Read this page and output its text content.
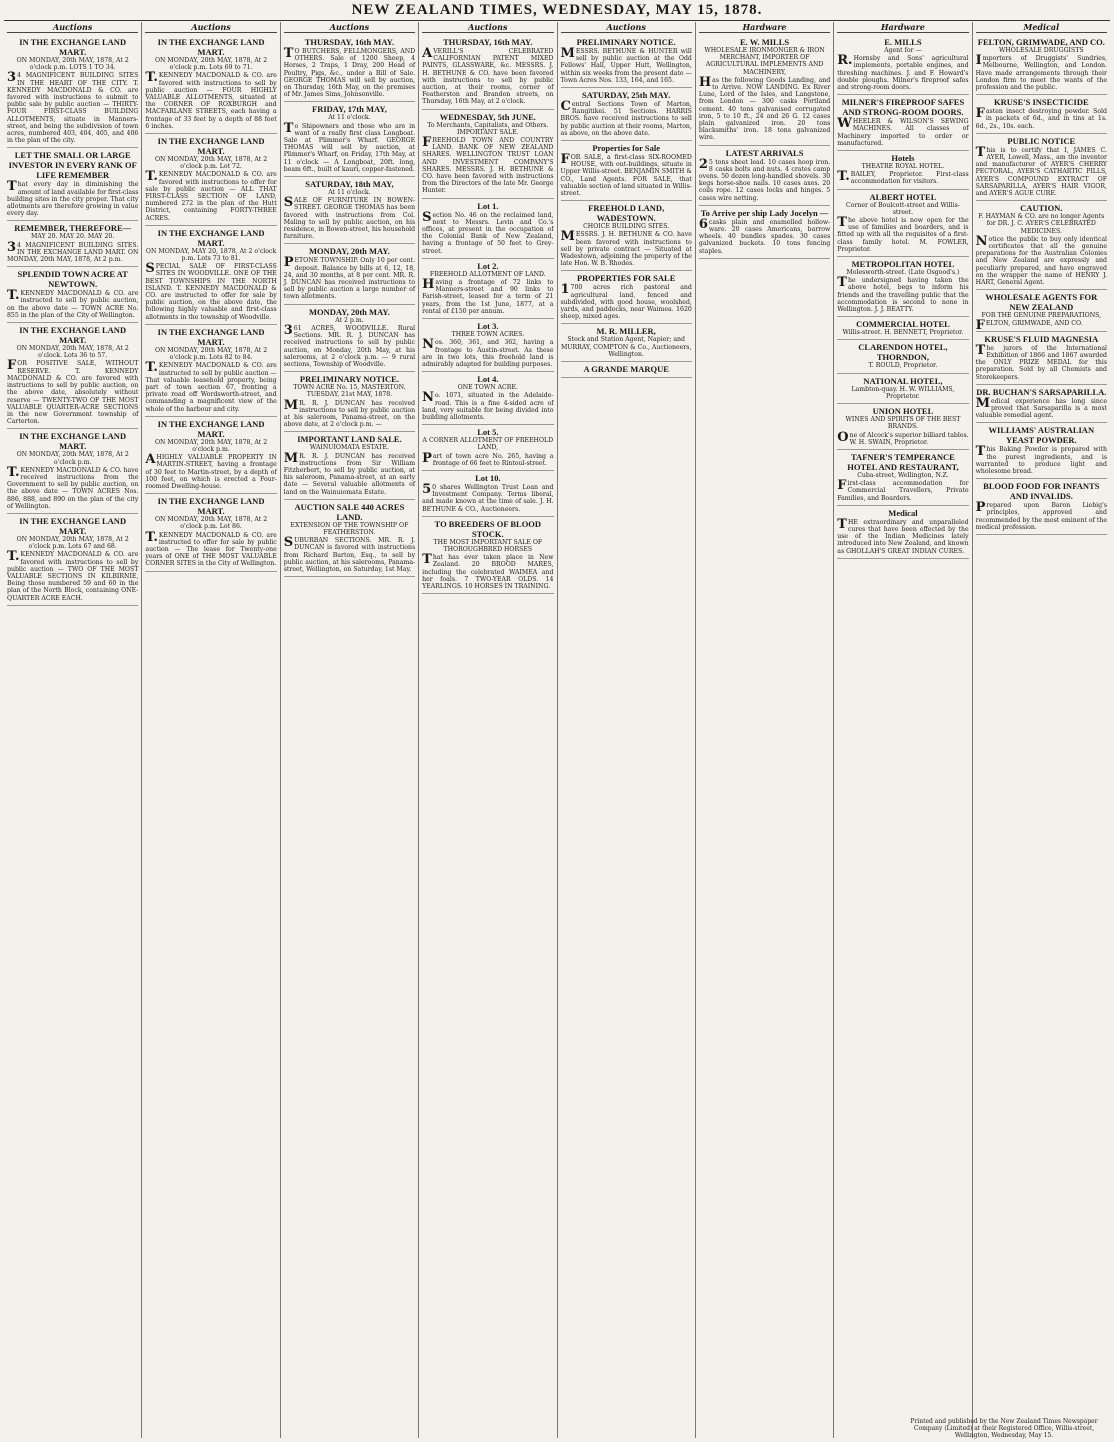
NEW ZEALAND TIMES, WEDNESDAY, MAY 15, 1878.
Auctions
IN THE EXCHANGE LAND MART.
ON MONDAY, 20th MAY, 1878, At 2 o'clock p.m. LOTS 1 TO 34.
34 MAGNIFICENT BUILDING SITES IN THE HEART OF THE CITY. T. KENNEDY MACDONALD & CO. are favored with instructions to submit to public sale by public auction — THIRTY-FOUR FIRST-CLASS BUILDING ALLOTMENTS, situate in Manners-street, and being the subdivision of town acres, numbered 403, 404, 405, and 406 in the plan of the city.
LET THE SMALL OR LARGE INVESTOR IN EVERY RANK OF LIFE REMEMBER
That every day in diminishing the amount of land available for first-class building sites in the city proper. That city allotments are therefore growing in value every day.
REMEMBER, THEREFORE—
MAY 20. MAY 20. MAY 20.
34 MAGNIFICENT BUILDING SITES. IN THE EXCHANGE LAND MART. ON MONDAY, 20th MAY, 1878, At 2 p.m.
SPLENDID TOWN ACRE AT NEWTOWN.
T.KENNEDY MACDONALD & CO. are instructed to sell by public auction, on the above date — TOWN ACRE No. 855 in the plan of the City of Wellington.
IN THE EXCHANGE LAND MART.
ON MONDAY, 20th MAY, 1878, At 2 o'clock. Lots 36 to 57.
FOR POSITIVE SALE, WITHOUT RESERVE. T. KENNEDY MACDONALD & CO. are favored with instructions to sell by public auction, on the above date, absolutely without reserve — TWENTY-TWO OF THE MOST VALUABLE QUARTER-ACRE SECTIONS in the new Government township of Carterton.
IN THE EXCHANGE LAND MART.
ON MONDAY, 20th MAY, 1878, At 2 o'clock p.m.
T.KENNEDY MACDONALD & CO. have received instructions from the Government to sell by public auction, on the above date — TOWN ACRES Nos. 886, 888, and 890 on the plan of the city of Wellington.
IN THE EXCHANGE LAND MART.
ON MONDAY, 20th MAY, 1878, At 2 o'clock p.m. Lots 67 and 68.
T.KENNEDY MACDONALD & CO. are favored with instructions to sell by public auction — TWO OF THE MOST VALUABLE SECTIONS IN KILBIRNIE, Being those numbered 59 and 60 in the plan of the North Block, containing ONE-QUARTER ACRE EACH.
Auctions
IN THE EXCHANGE LAND MART.
ON MONDAY, 20th MAY, 1878, At 2 o'clock p.m. Lots 69 to 71.
T.KENNEDY MACDONALD & CO. are favored with instructions to sell by public auction — FOUR HIGHLY VALUABLE ALLOTMENTS, situated at the CORNER OF ROXBURGH and MACFARLANE STREETS, each having a frontage of 33 feet by a depth of 88 feet 6 inches.
IN THE EXCHANGE LAND MART.
ON MONDAY, 20th MAY, 1878, At 2 o'clock p.m. Lot 72.
T.KENNEDY MACDONALD & CO. are favored with instructions to offer for sale by public auction — ALL THAT FIRST-CLASS SECTION OF LAND, numbered 272 in the plan of the Hutt District, containing FORTY-THREE ACRES.
IN THE EXCHANGE LAND MART.
ON MONDAY, MAY 20, 1878, At 2 o'clock p.m. Lots 73 to 81.
SPECIAL SALE OF FIRST-CLASS SITES IN WOODVILLE. ONE OF THE BEST TOWNSHIPS IN THE NORTH ISLAND. T. KENNEDY MACDONALD & CO. are instructed to offer for sale by public auction, on the above date, the following highly valuable and first-class allotments in the township of Woodville.
IN THE EXCHANGE LAND MART.
ON MONDAY, 20th MAY, 1878, At 2 o'clock p.m. Lots 82 to 84.
T.KENNEDY MACDONALD & CO. are instructed to sell by public auction — That valuable leasehold property, being part of town section 67, fronting a private road off Wordsworth-street, and commanding a magnificent view of the whole of the harbour and city.
IN THE EXCHANGE LAND MART.
ON MONDAY, 20th MAY, 1878, At 2 o'clock p.m.
AHIGHLY VALUABLE PROPERTY IN MARTIN-STREET, having a frontage of 30 feet to Martin-street, by a depth of 100 feet, on which is erected a Four-roomed Dwelling-house.
IN THE EXCHANGE LAND MART.
ON MONDAY, 20th MAY, 1878, At 2 o'clock p.m. Lot 86.
T.KENNEDY MACDONALD & CO. are instructed to offer for sale by public auction — The lease for Twenty-one years of ONE of THE MOST VALUABLE CORNER SITES in the City of Wellington.
Auctions
THURSDAY, 16th MAY.
TO BUTCHERS, FELLMONGERS, AND OTHERS. Sale of 1200 Sheep, 4 Horses, 2 Traps, 1 Dray, 200 Head of Poultry, Pigs, &c., under a Bill of Sale. GEORGE THOMAS will sell by auction, on Thursday, 16th May, on the premises of Mr. James Sims, Johnsonville.
FRIDAY, 17th MAY,
At 11 o'clock.
To Shipowners and those who are in want of a really first class Longboat. Sale at Plimmer's Wharf. GEORGE THOMAS will sell by auction, at Plimmer's Wharf, on Friday, 17th May, at 11 o'clock — A Longboat, 20ft. long, beam 6ft., built of kauri, copper-fastened.
SATURDAY, 18th MAY,
At 11 o'clock.
SALE OF FURNITURE IN BOWEN-STREET. GEORGE THOMAS has been favored with instructions from Col. Maling to sell by public auction, on his residence, in Bowen-street, his household furniture.
MONDAY, 20th MAY.
PETONE TOWNSHIP. Only 10 per cent. deposit. Balance by bills at 6, 12, 18, 24, and 30 months, at 8 per cent. MR. R. J. DUNCAN has received instructions to sell by public auction a large number of town allotments.
MONDAY, 20th MAY.
At 2 p.m.
361 ACRES, WOODVILLE. Rural Sections. MR. R. J. DUNCAN has received instructions to sell by public auction, on Monday, 20th May, at his salerooms, at 2 o'clock p.m. — 9 rural sections, Township of Woodville.
PRELIMINARY NOTICE.
TOWN ACRE No. 15, MASTERTON. TUESDAY, 21st MAY, 1878.
MR. R. J. DUNCAN has received instructions to sell by public auction at his saleroom, Panama-street, on the above date, at 2 o'clock p.m. —
IMPORTANT LAND SALE.
WAINUIOMATA ESTATE.
MR. R. J. DUNCAN has received instructions from Sir William Fitzherbert, to sell by public auction, at his saleroom, Panama-street, at an early date — Several valuable allotments of land on the Wainuiomata Estate.
AUCTION SALE 440 ACRES LAND.
EXTENSION OF THE TOWNSHIP OF FEATHERSTON.
SUBURBAN SECTIONS. MR. R. J. DUNCAN is favored with instructions from Richard Barton, Esq., to sell by public auction, at his salerooms, Panama-street, Wellington, on Saturday, 1st May.
Auctions
THURSDAY, 16th MAY.
AVERILL'S CELEBRATED CALIFORNIAN PATENT MIXED PAINTS, GLASSWARE, &c. MESSRS. J. H. BETHUNE & CO. have been favored with instructions to sell by public auction, at their rooms, corner of Featherston and Brandon streets, on Thursday, 16th May, at 2 o'clock.
WEDNESDAY, 5th JUNE.
To Merchants, Capitalists, and Others. IMPORTANT SALE.
FREEHOLD TOWN AND COUNTRY LAND. BANK OF NEW ZEALAND SHARES. WELLINGTON TRUST LOAN AND INVESTMENT COMPANY'S SHARES. MESSRS. J. H. BETHUNE & CO. have been favored with instructions from the Directors of the late Mr. George Hunter.
Lot 1.
Section No. 46 on the reclaimed land, next to Messrs. Levin and Co.'s offices, at present in the occupation of the Colonial Bank of New Zealand, having a frontage of 50 feet to Grey-street.
Lot 2.
FREEHOLD ALLOTMENT OF LAND.
Having a frontage of 72 links to Manners-street and 90 links to Farish-street, leased for a term of 21 years, from the 1st June, 1877, at a rental of £150 per annum.
Lot 3.
THREE TOWN ACRES.
Nos. 360, 361, and 362, having a frontage to Austin-street. As these are in two lots, this freehold land is admirably adapted for building purposes.
Lot 4.
ONE TOWN ACRE.
No. 1071, situated in the Adelaide-road. This is a fine 4-sided acre of land, very suitable for being divided into building allotments.
Lot 5.
A CORNER ALLOTMENT OF FREEHOLD LAND,
Part of town acre No. 265, having a frontage of 66 feet to Rintoul-street.
Lot 10.
50 shares Wellington Trust Loan and Investment Company. Terms liberal, and made known at the time of sale. J. H. BETHUNE & CO., Auctioneers.
TO BREEDERS OF BLOOD STOCK.
THE MOST IMPORTANT SALE OF THOROUGHBRED HORSES
That has ever taken place in New Zealand. 20 BROOD MARES, including the celebrated WAIMEA and her foals. 7 TWO-YEAR OLDS. 14 YEARLINGS. 10 HORSES IN TRAINING.
Auctions
PRELIMINARY NOTICE.
MESSRS. BETHUNE & HUNTER will sell by public auction at the Odd Fellows' Hall, Upper Hutt, Wellington, within six weeks from the present date — Town Acres Nos. 133, 164, and 165.
SATURDAY, 25th MAY.
Central Sections Town of Marton, Rangitikei. 51 Sections. HARRIS BROS. have received instructions to sell by public auction at their rooms, Marton, as above, on the above date.
Properties for Sale
FOR SALE, a first-class SIX-ROOMED HOUSE, with out-buildings, situate in Upper Willis-street. BENJAMIN SMITH & CO., Land Agents. FOR SALE, that valuable section of land situated in Willis-street.
FREEHOLD LAND, WADESTOWN.
CHOICE BUILDING SITES.
MESSRS. J. H. BETHUNE & CO. have been favored with instructions to sell by private contract — Situated at Wadestown, adjoining the property of the late Hon. W. B. Rhodes.
PROPERTIES FOR SALE
1700 acres rich pastoral and agricultural land, fenced and subdivided, with good house, woolshed, yards, and paddocks, near Waimea. 1620 sheep, mixed ages.
M. R. MILLER,
Stock and Station Agent, Napier; and MURRAY, COMPTON & Co., Auctioneers, Wellington.
A GRANDE MARQUE
Hardware
E. W. MILLS
WHOLESALE IRONMONGER & IRON MERCHANT, IMPORTER OF AGRICULTURAL IMPLEMENTS AND MACHINERY,
Has the following Goods Landing, and to Arrive. NOW LANDING. Ex River Lune, Lord of the Isles, and Langstone, from London — 300 casks Portland cement. 40 tons galvanised corrugated iron, 5 to 10 ft., 24 and 26 G. 12 cases plain galvanized iron. 20 tons blacksmiths' iron. 18 tons galvanized wire.
LATEST ARRIVALS
25 tons sheet lead. 10 cases hoop iron. 8 casks bolts and nuts. 4 crates camp ovens. 50 dozen long-handled shovels. 30 kegs horse-shoe nails. 10 cases axes. 20 coils rope. 12 cases locks and hinges. 5 cases wire netting.
To Arrive per ship Lady Jocelyn —
6casks plain and enamelled hollow-ware. 20 cases Americans, barrow wheels. 40 bundles spades. 30 cases galvanized buckets. 10 tons fencing staples.
Hardware
E. MILLS
Agent for —
R.Hornsby and Sons' agricultural implements, portable engines, and threshing machines. J. and F. Howard's double ploughs. Milner's fireproof safes and strong-room doors.
MILNER'S FIREPROOF SAFES AND STRONG-ROOM DOORS.
WHEELER & WILSON'S SEWING MACHINES. All classes of Machinery imported to order or manufactured.
Hotels
THEATRE ROYAL HOTEL.
T.BAILEY, Proprietor. First-class accommodation for visitors.
ALBERT HOTEL
Corner of Boulcott-street and Willis-street.
The above hotel is now open for the use of families and boarders, and is fitted up with all the requisites of a first-class family hotel. M. FOWLER, Proprietor.
METROPOLITAN HOTEL
Molesworth-street. (Late Osgood's.)
The undersigned having taken the above hotel, begs to inform his friends and the travelling public that the accommodation is second to none in Wellington. J. J. BEATTY.
COMMERCIAL HOTEL
Willis-street. H. BENNETT, Proprietor.
CLARENDON HOTEL, THORNDON,
T. ROULD, Proprietor.
NATIONAL HOTEL,
Lambton-quay. H. W. WILLIAMS, Proprietor.
UNION HOTEL
WINES AND SPIRITS OF THE BEST BRANDS.
One of Alcock's superior billiard tables. W. H. SWAIN, Proprietor.
TAFNER'S TEMPERANCE HOTEL AND RESTAURANT,
Cuba-street, Wellington, N.Z.
First-class accommodation for Commercial Travellers, Private Families, and Boarders.
Medical
THE extraordinary and unparalleled cures that have been effected by the use of the Indian Medicines lately introduced into New Zealand, and known as GHOLLAH'S GREAT INDIAN CURES.
Medical
FELTON, GRIMWADE, AND CO.
WHOLESALE DRUGGISTS
Importers of Druggists' Sundries, Melbourne, Wellington, and London. Have made arrangements through their London firm to meet the wants of the profession and the public.
KRUSE'S INSECTICIDE
Fasten insect destroying powder. Sold in packets of 6d., and in tins at 1s. 6d., 2s., 10s. each.
PUBLIC NOTICE
This is to certify that I, JAMES C. AYER, Lowell, Mass., am the inventor and manufacturer of AYER'S CHERRY PECTORAL, AYER'S CATHARTIC PILLS, AYER'S COMPOUND EXTRACT OF SARSAPARILLA, AYER'S HAIR VIGOR, and AYER'S AGUE CURE.
CAUTION.
F. HAYMAN & CO. are no longer Agents for DR. J. C. AYER'S CELEBRATED MEDICINES.
Notice the public to buy only identical certificates that all the genuine preparations for the Australian Colonies and New Zealand are expressly and peculiarly prepared, and have engraved on the wrapper the name of HENRY J. HART, General Agent.
WHOLESALE AGENTS FOR NEW ZEALAND
FOR THE GENUINE PREPARATIONS,
FELTON, GRIMWADE, AND CO.
KRUSE'S FLUID MAGNESIA
The jurors of the International Exhibition of 1866 and 1867 awarded the ONLY PRIZE MEDAL for this preparation. Sold by all Chemists and Storekeepers.
DR. BUCHAN'S SARSAPARILLA.
Medical experience has long since proved that Sarsaparilla is a most valuable remedial agent.
WILLIAMS' AUSTRALIAN YEAST POWDER.
This Baking Powder is prepared with the purest ingredients, and is warranted to produce light and wholesome bread.
BLOOD FOOD FOR INFANTS AND INVALIDS.
Prepared upon Baron Liebig's principles, approved and recommended by the most eminent of the medical profession.
Printed and published by the New Zealand Times Newspaper Company (Limited) at their Registered Office, Willis-street, Wellington, Wednesday, May 15.
